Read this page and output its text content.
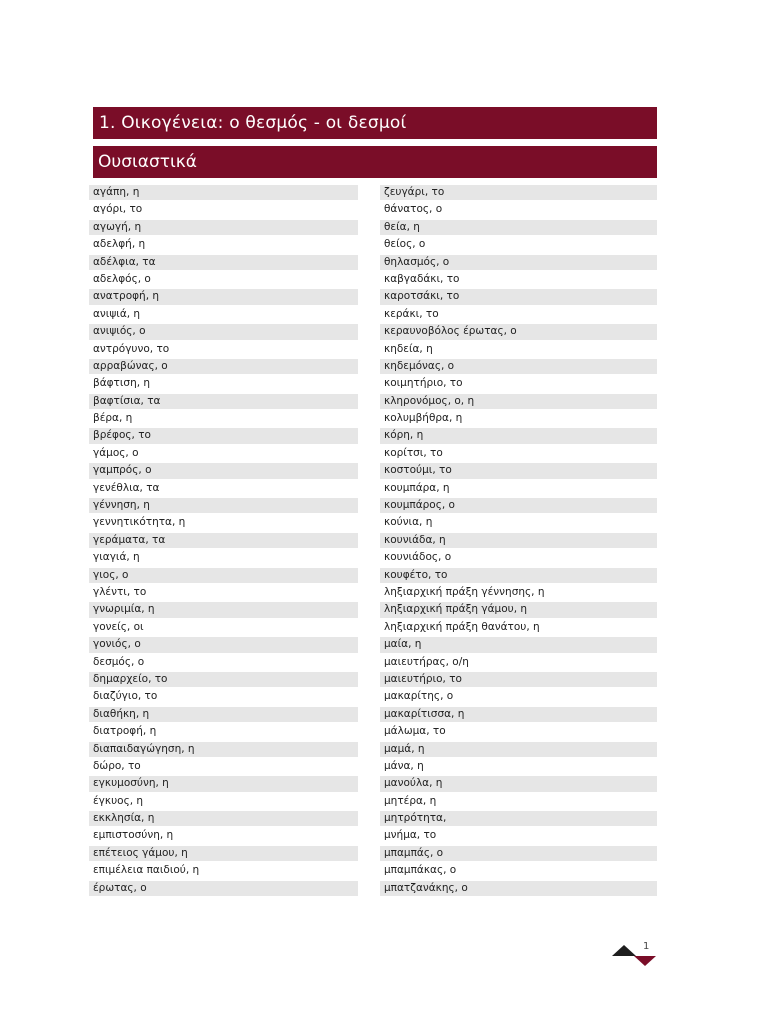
1. Οικογένεια: ο θεσμός - οι δεσμοί
Ουσιαστικά
αγάπη, η
αγόρι, το
αγωγή, η
αδελφή, η
αδέλφια, τα
αδελφός, ο
ανατροφή, η
ανιψιά, η
ανιψιός, ο
αντρόγυνο, το
αρραβώνας, ο
βάφτιση, η
βαφτίσια, τα
βέρα, η
βρέφος, το
γάμος, ο
γαμπρός, ο
γενέθλια, τα
γέννηση, η
γεννητικότητα, η
γεράματα, τα
γιαγιά, η
γιος, ο
γλέντι, το
γνωριμία, η
γονείς, οι
γονιός, ο
δεσμός, ο
δημαρχείο, το
διαζύγιο, το
διαθήκη, η
διατροφή, η
διαπαιδαγώγηση, η
δώρο, το
εγκυμοσύνη, η
έγκυος, η
εκκλησία, η
εμπιστοσύνη, η
επέτειος γάμου, η
επιμέλεια παιδιού, η
έρωτας, ο
ζευγάρι, το
θάνατος, ο
θεία, η
θείος, ο
θηλασμός, ο
καβγαδάκι, το
καροτσάκι, το
κεράκι, το
κεραυνοβόλος έρωτας, ο
κηδεία, η
κηδεμόνας, ο
κοιμητήριο, το
κληρονόμος, ο, η
κολυμβήθρα, η
κόρη, η
κορίτσι, το
κοστούμι, το
κουμπάρα, η
κουμπάρος, ο
κούνια, η
κουνιάδα, η
κουνιάδος, ο
κουφέτο, το
ληξιαρχική πράξη γέννησης, η
ληξιαρχική πράξη γάμου, η
ληξιαρχική πράξη θανάτου, η
μαία, η
μαιευτήρας, ο/η
μαιευτήριο, το
μακαρίτης, ο
μακαρίτισσα, η
μάλωμα, το
μαμά, η
μάνα, η
μανούλα, η
μητέρα, η
μητρότητα,
μνήμα, το
μπαμπάς, ο
μπαμπάκας, ο
μπατζανάκης, ο
1
